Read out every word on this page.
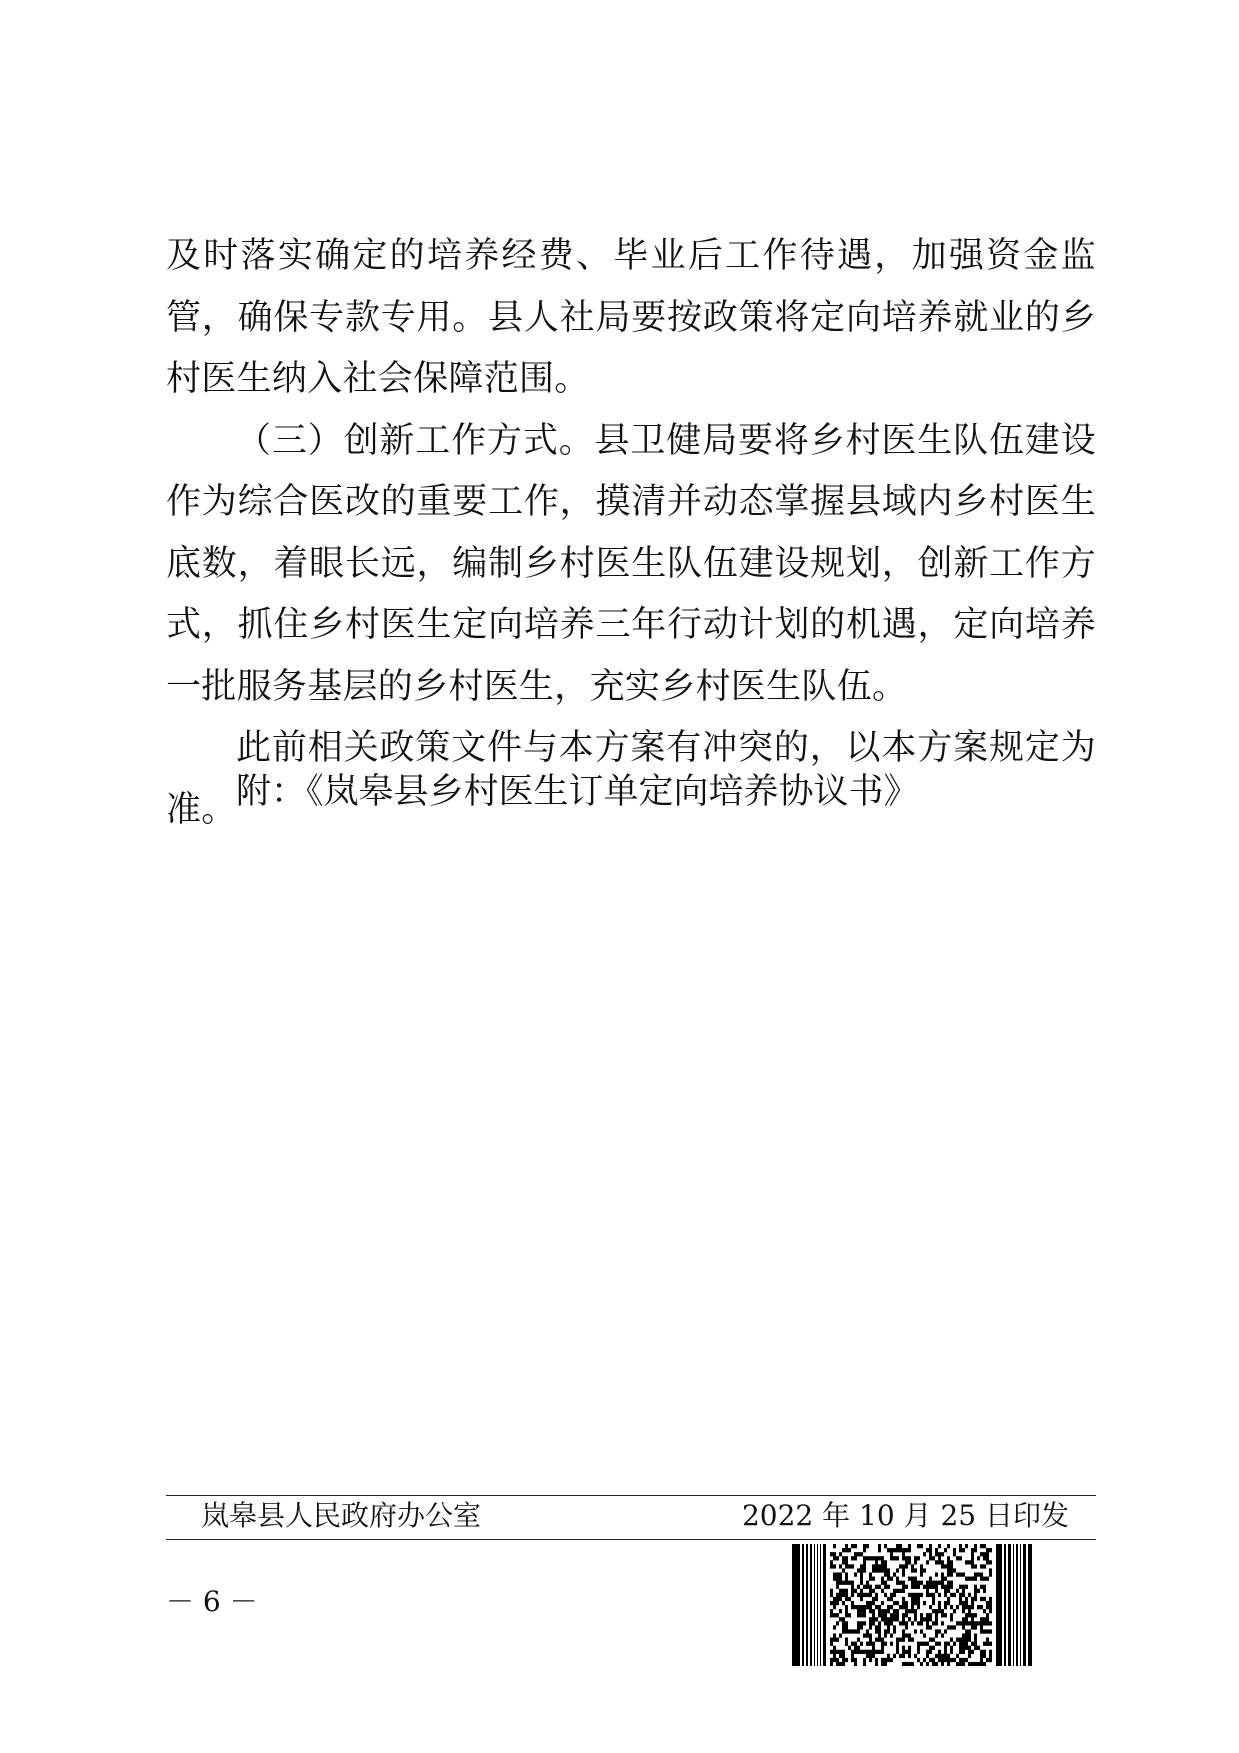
及时落实确定的培养经费、毕业后工作待遇，加强资金监管，确保专款专用。县人社局要按政策将定向培养就业的乡村医生纳入社会保障范围。

（三）创新工作方式。县卫健局要将乡村医生队伍建设作为综合医改的重要工作，摸清并动态掌握县域内乡村医生底数，着眼长远，编制乡村医生队伍建设规划，创新工作方式，抓住乡村医生定向培养三年行动计划的机遇，定向培养一批服务基层的乡村医生，充实乡村医生队伍。

此前相关政策文件与本方案有冲突的，以本方案规定为准。 附：《岚皋县乡村医生订单定向培养协议书》
岚皋县人民政府办公室	2022 年 10 月 25 日印发
－ 6 －
